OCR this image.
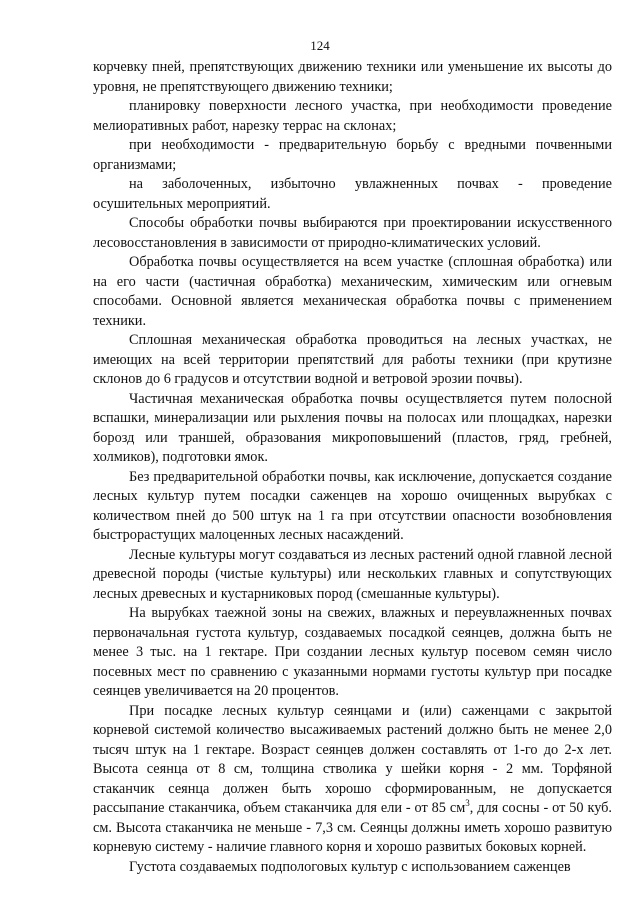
124

корчевку пней, препятствующих движению техники или уменьшение их высоты до уровня, не препятствующего движению техники;

планировку поверхности лесного участка, при необходимости проведение мелиоративных работ, нарезку террас на склонах;

при необходимости - предварительную борьбу с вредными почвенными организмами;

на заболоченных, избыточно увлажненных почвах - проведение осушительных мероприятий.

Способы обработки почвы выбираются при проектировании искусственного лесовосстановления в зависимости от природно-климатических условий.

Обработка почвы осуществляется на всем участке (сплошная обработка) или на его части (частичная обработка) механическим, химическим или огневым способами. Основной является механическая обработка почвы с применением техники.

Сплошная механическая обработка проводиться на лесных участках, не имеющих на всей территории препятствий для работы техники (при крутизне склонов до 6 градусов и отсутствии водной и ветровой эрозии почвы).

Частичная механическая обработка почвы осуществляется путем полосной вспашки, минерализации или рыхления почвы на полосах или площадках, нарезки борозд или траншей, образования микроповышений (пластов, гряд, гребней, холмиков), подготовки ямок.

Без предварительной обработки почвы, как исключение, допускается создание лесных культур путем посадки саженцев на хорошо очищенных вырубках с количеством пней до 500 штук на 1 га при отсутствии опасности возобновления быстрорастущих малоценных лесных насаждений.

Лесные культуры могут создаваться из лесных растений одной главной лесной древесной породы (чистые культуры) или нескольких главных и сопутствующих лесных древесных и кустарниковых пород (смешанные культуры).

На вырубках таежной зоны на свежих, влажных и переувлажненных почвах первоначальная густота культур, создаваемых посадкой сеянцев, должна быть не менее 3 тыс. на 1 гектаре. При создании лесных культур посевом семян число посевных мест по сравнению с указанными нормами густоты культур при посадке сеянцев увеличивается на 20 процентов.

При посадке лесных культур сеянцами и (или) саженцами с закрытой корневой системой количество высаживаемых растений должно быть не менее 2,0 тысяч штук на 1 гектаре. Возраст сеянцев должен составлять от 1-го до 2-х лет. Высота сеянца от 8 см, толщина стволика у шейки корня - 2 мм. Торфяной стаканчик сеянца должен быть хорошо сформированным, не допускается рассыпание стаканчика, объем стаканчика для ели - от 85 $см^3$, для сосны - от 50 куб. см. Высота стаканчика не меньше - 7,3 см. Сеянцы должны иметь хорошо развитую корневую систему - наличие главного корня и хорошо развитых боковых корней.

Густота создаваемых подпологовых культур с использованием саженцев
